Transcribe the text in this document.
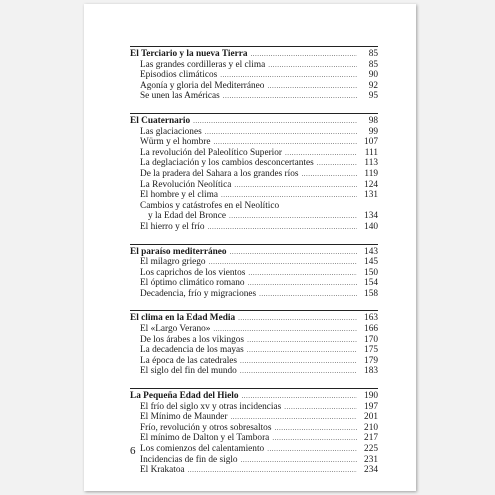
El Terciario y la nueva Tierra .....	85
Las grandes cordilleras y el clima .....	85
Episodios climáticos .....	90
Agonía y gloria del Mediterráneo .....	92
Se unen las Américas .....	95
El Cuaternario .....	98
Las glaciaciones .....	99
Würm y el hombre .....	107
La revolución del Paleolítico Superior .....	111
La deglaciación y los cambios desconcertantes .....	113
De la pradera del Sahara a los grandes ríos .....	119
La Revolución Neolítica .....	124
El hombre y el clima .....	131
Cambios y catástrofes en el Neolítico
y la Edad del Bronce .....	134
El hierro y el frío .....	140
El paraíso mediterráneo .....	143
El milagro griego .....	145
Los caprichos de los vientos .....	150
El óptimo climático romano .....	154
Decadencia, frío y migraciones .....	158
El clima en la Edad Media .....	163
El «Largo Verano» .....	166
De los árabes a los vikingos .....	170
La decadencia de los mayas .....	175
La época de las catedrales .....	179
El siglo del fin del mundo .....	183
La Pequeña Edad del Hielo .....	190
El frío del siglo xv y otras incidencias .....	197
El Mínimo de Maunder .....	201
Frío, revolución y otros sobresaltos .....	210
El mínimo de Dalton y el Tambora .....	217
Los comienzos del calentamiento .....	225
Incidencias de fin de siglo .....	231
El Krakatoa .....	234
6
